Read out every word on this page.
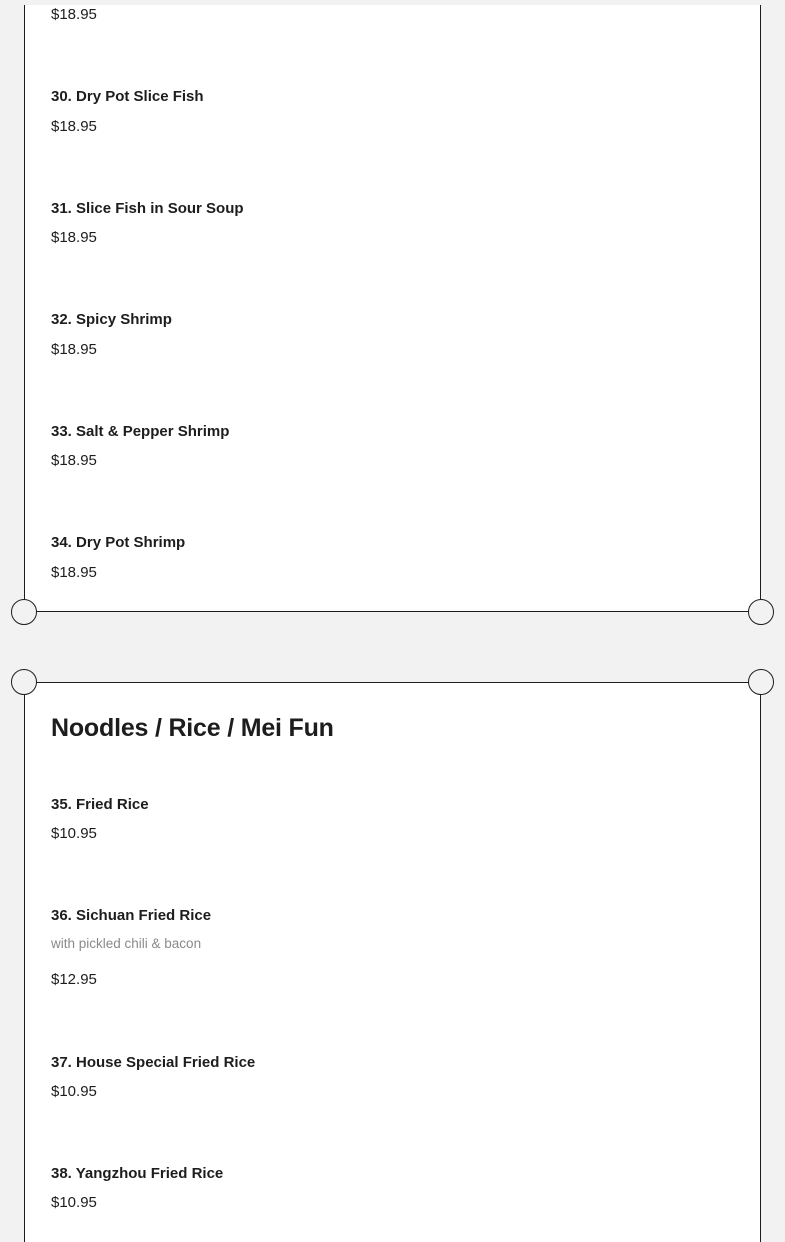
$18.95
30. Dry Pot Slice Fish
$18.95
31. Slice Fish in Sour Soup
$18.95
32. Spicy Shrimp
$18.95
33. Salt & Pepper Shrimp
$18.95
34. Dry Pot Shrimp
$18.95
Noodles / Rice / Mei Fun
35. Fried Rice
$10.95
36. Sichuan Fried Rice
with pickled chili & bacon
$12.95
37. House Special Fried Rice
$10.95
38. Yangzhou Fried Rice
$10.95
